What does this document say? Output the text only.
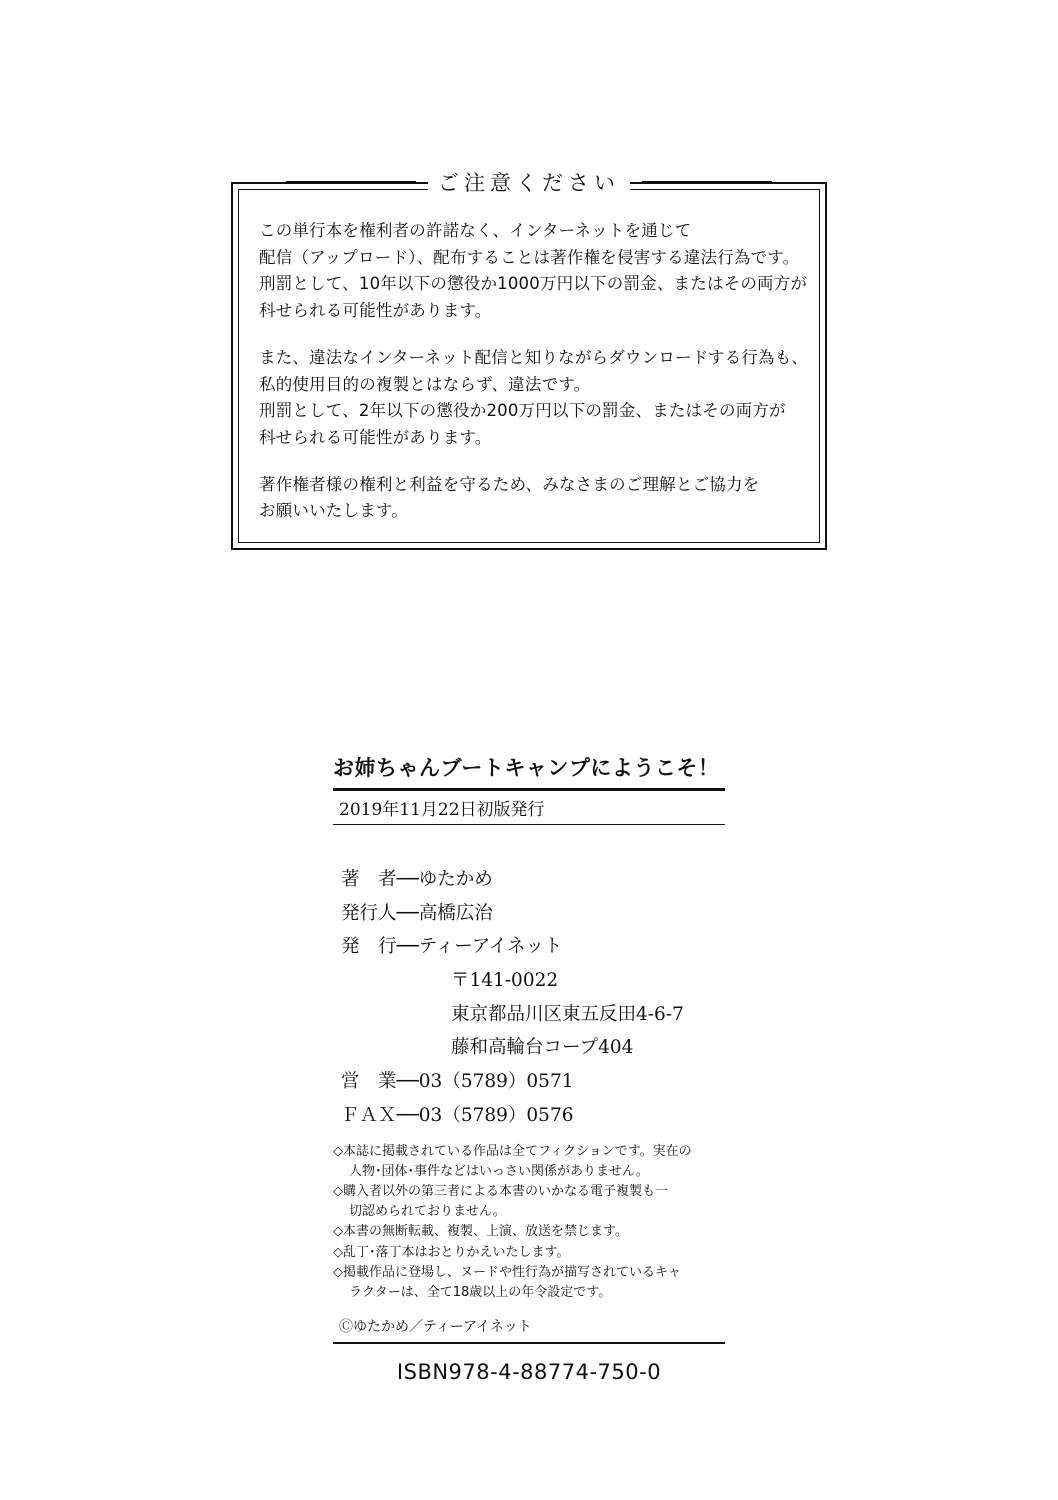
ご注意ください

この単行本を権利者の許諾なく、インターネットを通じて
配信（アップロード）、配布することは著作権を侵害する違法行為です。
刑罰として、10年以下の懲役か1000万円以下の罰金、またはその両方が
科せられる可能性があります。

また、違法なインターネット配信と知りながらダウンロードする行為も、
私的使用目的の複製とはならず、違法です。
刑罰として、2年以下の懲役か200万円以下の罰金、またはその両方が
科せられる可能性があります。

著作権者様の権利と利益を守るため、みなさまのご理解とご協力を
お願いいたします。

お姉ちゃんブートキャンプにようこそ！
2019年11月22日初版発行
著　者──ゆたかめ
発行人──高橋広治
発　行──ティーアイネット
〒141-0022
東京都品川区東五反田4-6-7
藤和高輪台コープ404
営　業──03（5789）0571
ＦＡＸ──03（5789）0576
◇本誌に掲載されている作品は全てフィクションです。実在の
人物･団体･事件などはいっさい関係がありません。
◇購入者以外の第三者による本書のいかなる電子複製も一
切認められておりません。
◇本書の無断転載、複製、上演、放送を禁じます。
◇乱丁･落丁本はおとりかえいたします。
◇掲載作品に登場し、ヌードや性行為が描写されているキャ
ラクターは、全て18歳以上の年令設定です。
Ⓒゆたかめ／ティーアイネット
ISBN978-4-88774-750-0
